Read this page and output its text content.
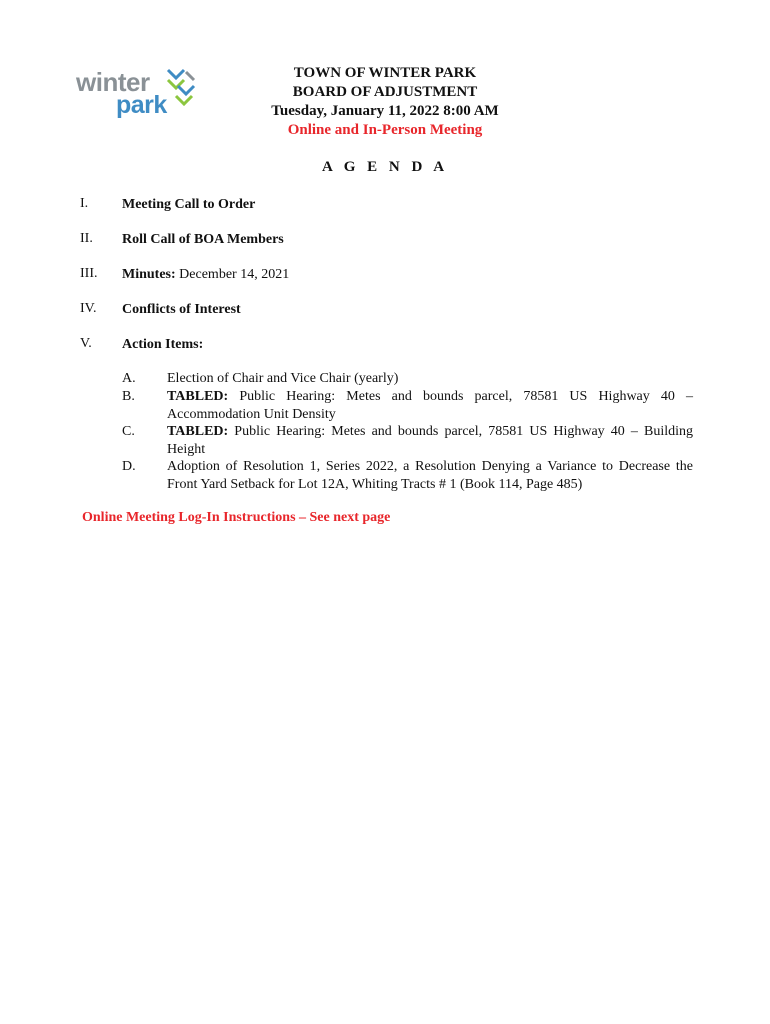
winter
park
TOWN OF WINTER PARK
BOARD OF ADJUSTMENT
Tuesday, January 11, 2022 8:00 AM
Online and In-Person Meeting
A G E N D A
I. Meeting Call to Order
II. Roll Call of BOA Members
III. Minutes: December 14, 2021
IV. Conflicts of Interest
V. Action Items:
A. Election of Chair and Vice Chair (yearly)
B. TABLED: Public Hearing: Metes and bounds parcel, 78581 US Highway 40 – Accommodation Unit Density
C. TABLED: Public Hearing: Metes and bounds parcel, 78581 US Highway 40 – Building Height
D. Adoption of Resolution 1, Series 2022, a Resolution Denying a Variance to Decrease the Front Yard Setback for Lot 12A, Whiting Tracts # 1 (Book 114, Page 485)
Online Meeting Log-In Instructions – See next page
